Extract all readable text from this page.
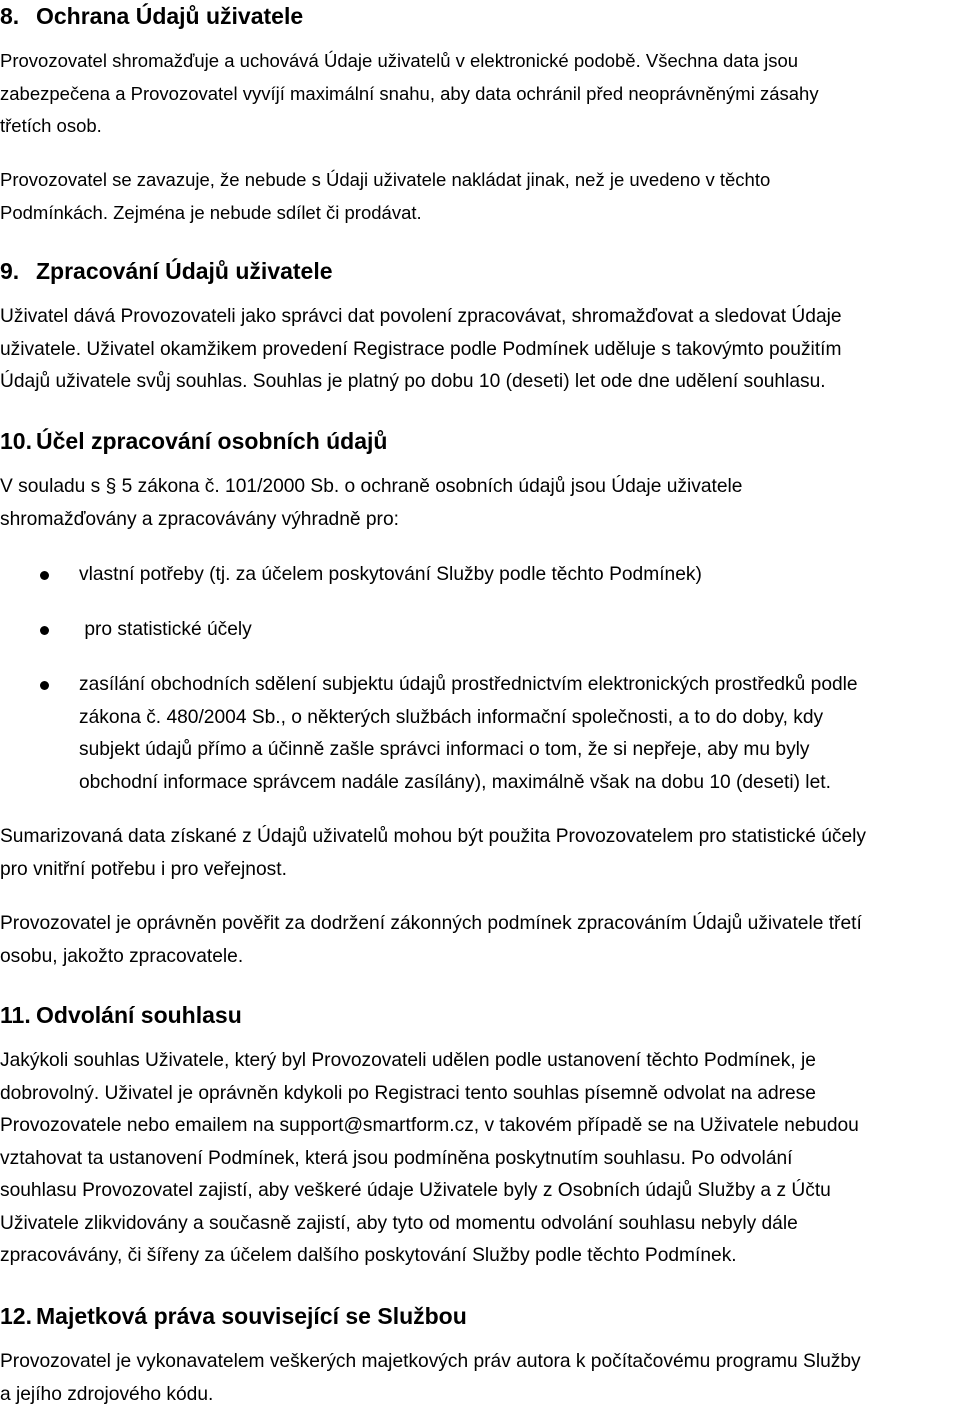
8. Ochrana Údajů uživatele

Provozovatel shromažďuje a uchovává Údaje uživatelů v elektronické podobě. Všechna data jsou
zabezpečena a Provozovatel vyvíjí maximální snahu, aby data ochránil před neoprávněnými zásahy
třetích osob.

Provozovatel se zavazuje, že nebude s Údaji uživatele nakládat jinak, než je uvedeno v těchto
Podmínkách. Zejména je nebude sdílet či prodávat.

9. Zpracování Údajů uživatele

Uživatel dává Provozovateli jako správci dat povolení zpracovávat, shromažďovat a sledovat Údaje
uživatele. Uživatel okamžikem provedení Registrace podle Podmínek uděluje s takovýmto použitím
Údajů uživatele svůj souhlas. Souhlas je platný po dobu 10 (deseti) let ode dne udělení souhlasu.

10. Účel zpracování osobních údajů

V souladu s § 5 zákona č. 101/2000 Sb. o ochraně osobních údajů jsou Údaje uživatele
shromažďovány a zpracovávány výhradně pro:

vlastní potřeby (tj. za účelem poskytování Služby podle těchto Podmínek)
pro statistické účely
zasílání obchodních sdělení subjektu údajů prostřednictvím elektronických prostředků podle
zákona č. 480/2004 Sb., o některých službách informační společnosti, a to do doby, kdy
subjekt údajů přímo a účinně zašle správci informaci o tom, že si nepřeje, aby mu byly
obchodní informace správcem nadále zasílány), maximálně však na dobu 10 (deseti) let.

Sumarizovaná data získané z Údajů uživatelů mohou být použita Provozovatelem pro statistické účely
pro vnitřní potřebu i pro veřejnost.

Provozovatel je oprávněn pověřit za dodržení zákonných podmínek zpracováním Údajů uživatele třetí
osobu, jakožto zpracovatele.

11. Odvolání souhlasu

Jakýkoli souhlas Uživatele, který byl Provozovateli udělen podle ustanovení těchto Podmínek, je
dobrovolný. Uživatel je oprávněn kdykoli po Registraci tento souhlas písemně odvolat na adrese
Provozovatele nebo emailem na support@smartform.cz, v takovém případě se na Uživatele nebudou
vztahovat ta ustanovení Podmínek, která jsou podmíněna poskytnutím souhlasu. Po odvolání
souhlasu Provozovatel zajistí, aby veškeré údaje Uživatele byly z Osobních údajů Služby a z Účtu
Uživatele zlikvidovány a současně zajistí, aby tyto od momentu odvolání souhlasu nebyly dále
zpracovávány, či šířeny za účelem dalšího poskytování Služby podle těchto Podmínek.

12. Majetková práva související se Službou

Provozovatel je vykonavatelem veškerých majetkových práv autora k počítačovému programu Služby
a jejího zdrojového kódu.
